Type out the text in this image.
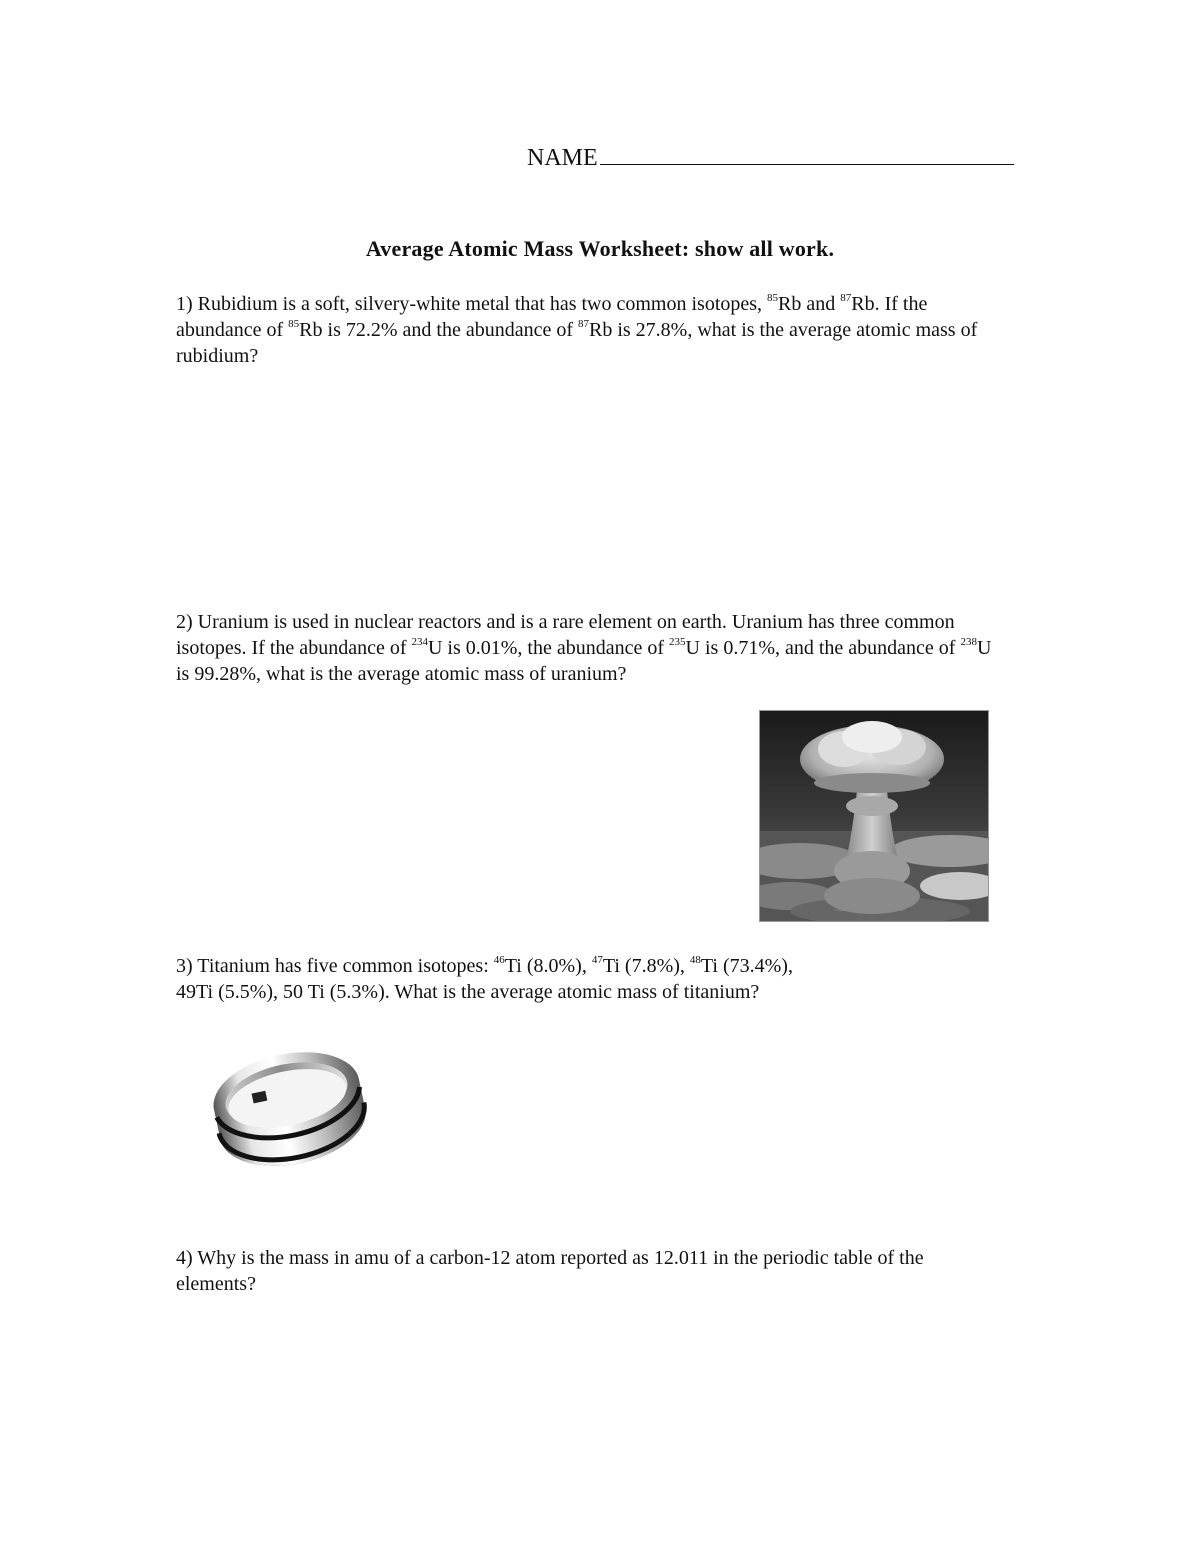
NAME
Average Atomic Mass Worksheet: show all work.
1) Rubidium is a soft, silvery-white metal that has two common isotopes, $^{85}$Rb and $^{87}$Rb. If the abundance of $^{85}$Rb is 72.2% and the abundance of $^{87}$Rb is 27.8%, what is the average atomic mass of rubidium?
2) Uranium is used in nuclear reactors and is a rare element on earth. Uranium has three common isotopes. If the abundance of $^{234}$U is 0.01%, the abundance of $^{235}$U is 0.71%, and the abundance of $^{238}$U is 99.28%, what is the average atomic mass of uranium?
3) Titanium has five common isotopes: $^{46}$Ti (8.0%), $^{47}$Ti (7.8%), $^{48}$Ti (73.4%),
49Ti (5.5%), 50 Ti (5.3%). What is the average atomic mass of titanium?
4) Why is the mass in amu of a carbon-12 atom reported as 12.011 in the periodic table of the elements?
